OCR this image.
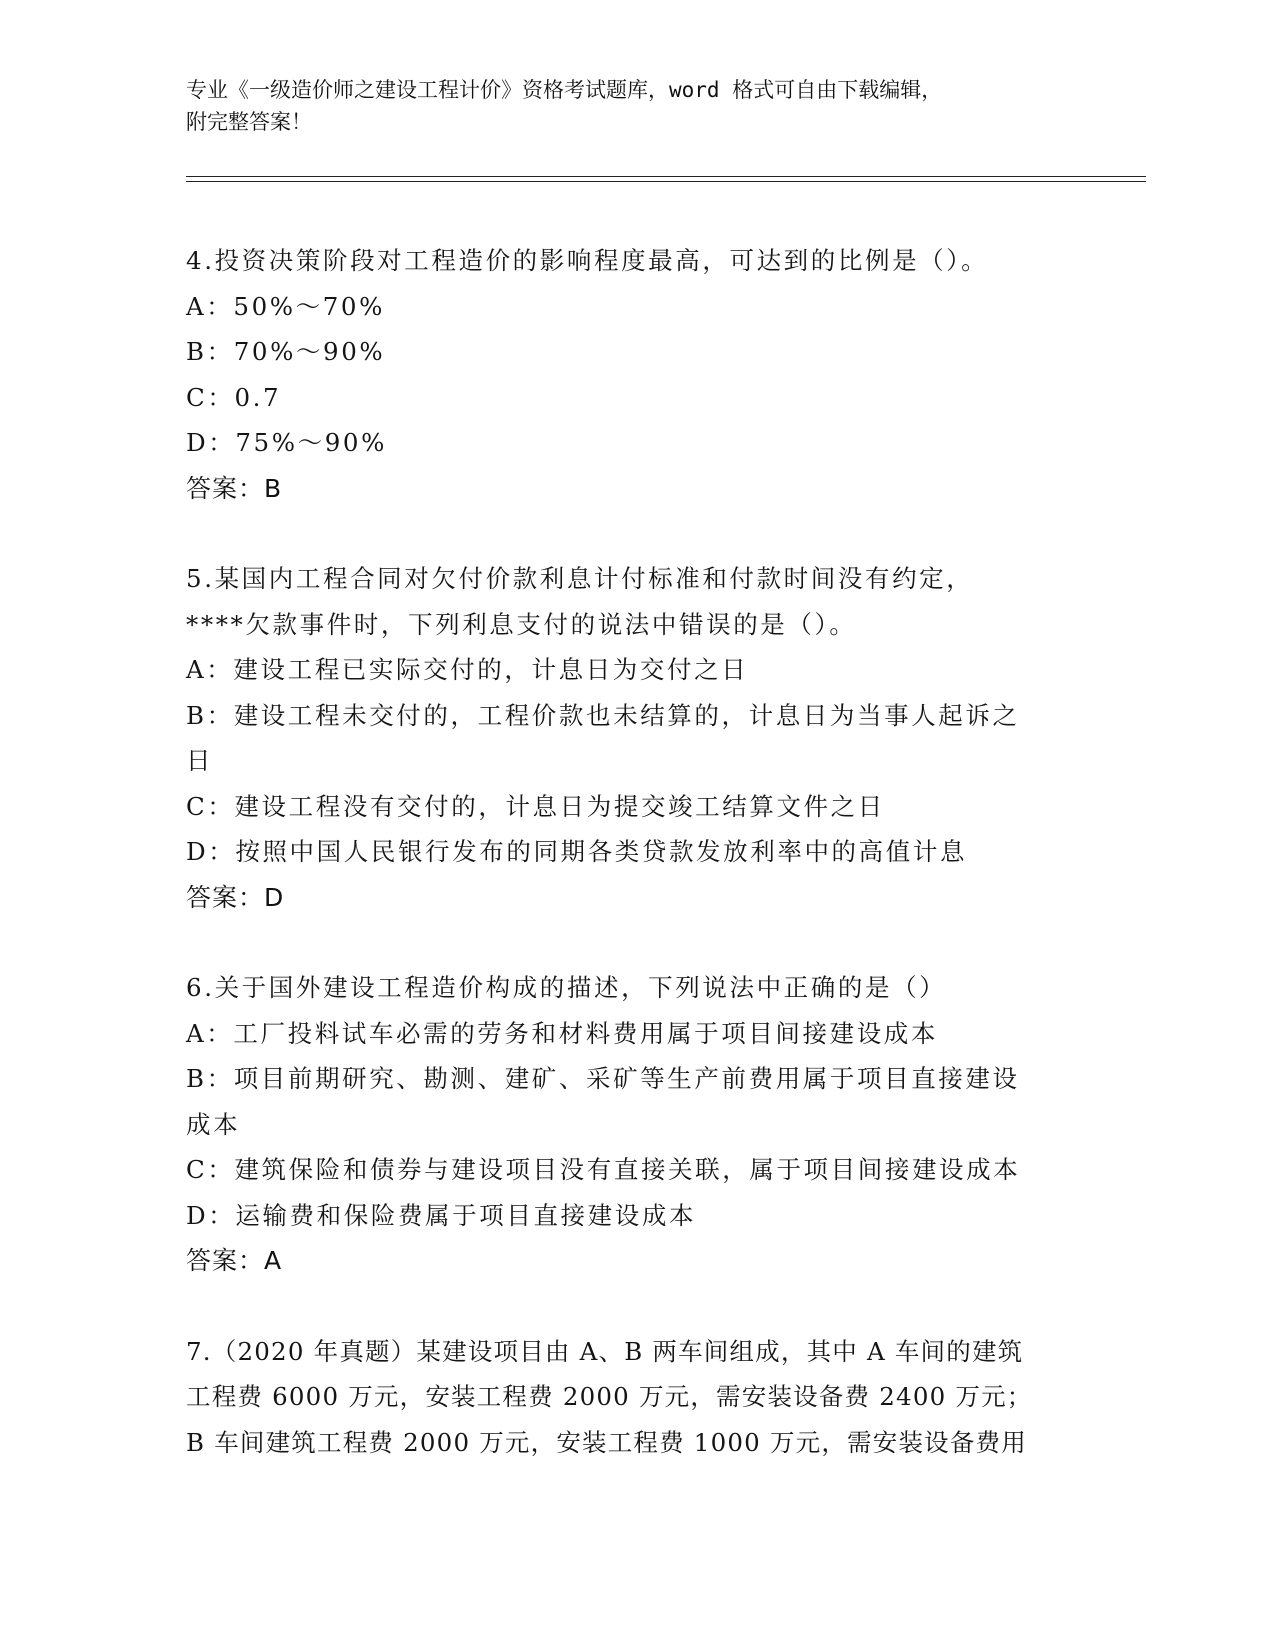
专业《一级造价师之建设工程计价》资格考试题库，word 格式可自由下载编辑，
附完整答案！
4.投资决策阶段对工程造价的影响程度最高，可达到的比例是（）。
A：50%～70%
B：70%～90%
C：0.7
D：75%～90%
答案：B
5.某国内工程合同对欠付价款利息计付标准和付款时间没有约定，
****欠款事件时，下列利息支付的说法中错误的是（）。
A：建设工程已实际交付的，计息日为交付之日
B：建设工程未交付的，工程价款也未结算的，计息日为当事人起诉之
日
C：建设工程没有交付的，计息日为提交竣工结算文件之日
D：按照中国人民银行发布的同期各类贷款发放利率中的高值计息
答案：D
6.关于国外建设工程造价构成的描述，下列说法中正确的是（）
A：工厂投料试车必需的劳务和材料费用属于项目间接建设成本
B：项目前期研究、勘测、建矿、采矿等生产前费用属于项目直接建设
成本
C：建筑保险和债券与建设项目没有直接关联，属于项目间接建设成本
D：运输费和保险费属于项目直接建设成本
答案：A
7.（2020 年真题）某建设项目由 A、B 两车间组成，其中 A 车间的建筑
工程费 6000 万元，安装工程费 2000 万元，需安装设备费 2400 万元；
B 车间建筑工程费 2000 万元，安装工程费 1000 万元，需安装设备费用
